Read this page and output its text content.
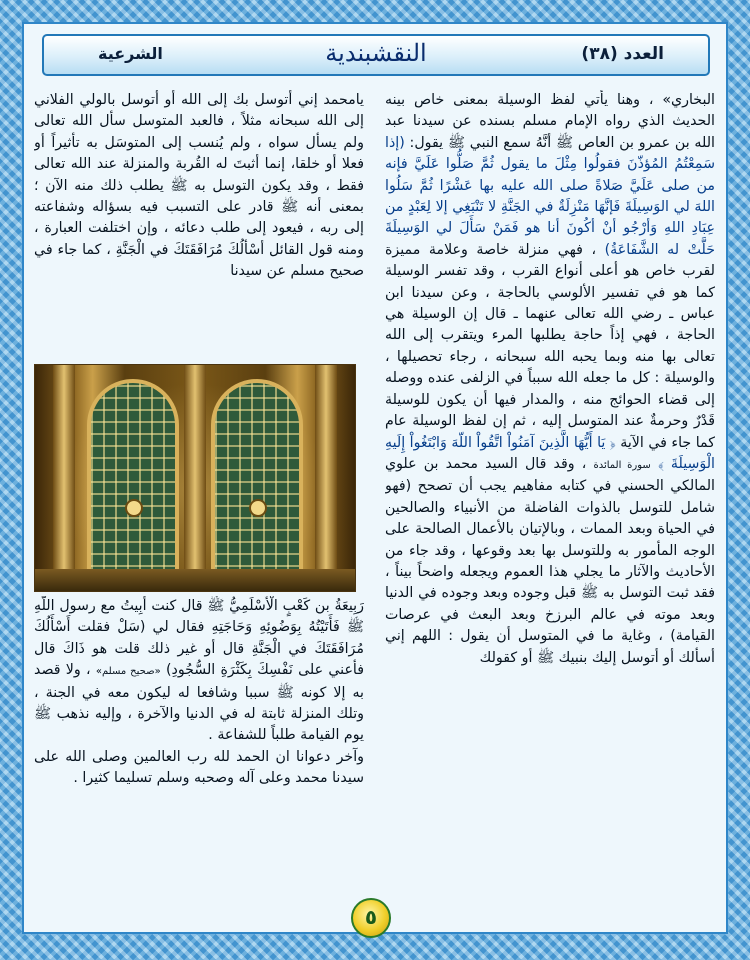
العدد (٣٨)
النقشبندية
الشرعية

البخاري» ، وهنا يأتي لفظ الوسيلة بمعنى خاص بينه الحديث الذي رواه الإمام مسلم بسنده عن سيدنا عبد الله بن عمرو بن العاص ﷺ أنَّهُ سمع النبي ﷺ يقول: (إذا سَمِعْتُمُ المُؤذّنَ فقولُوا مِثْلَ ما يقول ثُمَّ صَلُّوا عَلَيَّ فإنه من صلى عَلَيَّ صَلاةً صلى الله عليه بها عَشْرًا ثُمَّ سَلُوا اللهَ لي الوَسِيلَةَ فَإنَّهَا مَنْزِلَةٌ في الجَنَّةِ لا تَنْبَغِي إلا لِعَبْدٍ من عِبَادِ اللهِ وَأرْجُو أنْ أكُونَ أنا هو فَمَنْ سَأَلَ لي الوَسِيلَةَ حَلَّتْ له الشَّفَاعَةُ) ، فهي منزلة خاصة وعلامة مميزة لقرب خاص هو أعلى أنواع القرب ، وقد تفسر الوسيلة كما هو في تفسير الألوسي بالحاجة ، وعن سيدنا ابن عباس ـ رضي الله تعالى عنهما ـ قال إن الوسيلة هي الحاجة ، فهي إذاً حاجة يطلبها المرء ويتقرب إلى الله تعالى بها منه وبما يحبه الله سبحانه ، رجاء تحصيلها ، والوسيلة : كل ما جعله الله سبباً في الزلفى عنده ووصله إلى قضاء الحوائج منه ، والمدار فيها أن يكون للوسيلة قَدْرٌ وحرمةٌ عند المتوسل إليه ، ثم إن لفظ الوسيلة عام كما جاء في الآية ﴿ يَا أَيُّهَا الَّذِينَ آمَنُواْ اتَّقُواْ اللّهَ وَابْتَغُواْ إِلَيهِ الْوَسِيلَةَ ﴾ سورة المائدة ، وقد قال السيد محمد بن علوي المالكي الحسني في كتابه مفاهيم يجب أن تصحح (فهو شامل للتوسل بالذوات الفاضلة من الأنبياء والصالحين في الحياة وبعد الممات ، وبالإتيان بالأعمال الصالحة على الوجه المأمور به وللتوسل بها بعد وقوعها ، وقد جاء من الأحاديث والآثار ما يجلي هذا العموم ويجعله واضحاً بيناً ، فقد ثبت التوسل به ﷺ قبل وجوده وبعد وجوده في الدنيا وبعد موته في عالم البرزخ وبعد البعث في عرصات القيامة) ، وغاية ما في المتوسل أن يقول : اللهم إني أسألك أو أتوسل إليك بنبيك ﷺ أو كقولك

يامحمد إني أتوسل بك إلى الله أو أتوسل بالولي الفلاني إلى الله سبحانه مثلاً ، فالعبد المتوسل سأل الله تعالى ولم يسأل سواه ، ولم يُنسب إلى المتوسَل به تأثيراً أو فعلا أو خلقا، إنما أثبتَ له القُربة والمنزلة عند الله تعالى فقط ، وقد يكون التوسل به ﷺ يطلب ذلك منه الآن ؛ بمعنى أنه ﷺ قادر على التسبب فيه بسؤاله وشفاعته إلى ربه ، فيعود إلى طلب دعائه ، وإن اختلفت العبارة ، ومنه قول القائل أسْألُكَ مُرَافَقَتَكَ في الْجَنَّةِ ، كما جاء في صحيح مسلم عن سيدنا

رَبِيعَةُ بن كَعْبٍ الْأَسْلَمِيُّ ﷺ قال كنت أَبِيتُ مع رسول اللَّهِ ﷺ فَأَتَيْتُهُ بِوَضُوئِهِ وَحَاجَتِهِ فقال لي (سَلْ فقلت أَسْأَلُكَ مُرَافَقَتَكَ في الْجَنَّةِ قال أو غير ذلك قلت هو ذَاكَ قال فأعني على نَفْسِكَ بِكَثْرَةِ السُّجُودِ) «صحيح مسلم» ، ولا قصد به إلا كونه ﷺ سببا وشافعا له ليكون معه في الجنة ، وتلك المنزلة ثابتة له في الدنيا والآخرة ، وإليه نذهب ﷺ يوم القيامة طلباً للشفاعة .

وآخر دعوانا ان الحمد لله رب العالمين وصلى الله على سيدنا محمد وعلى آله وصحبه وسلم تسليما كثيرا .

٥
